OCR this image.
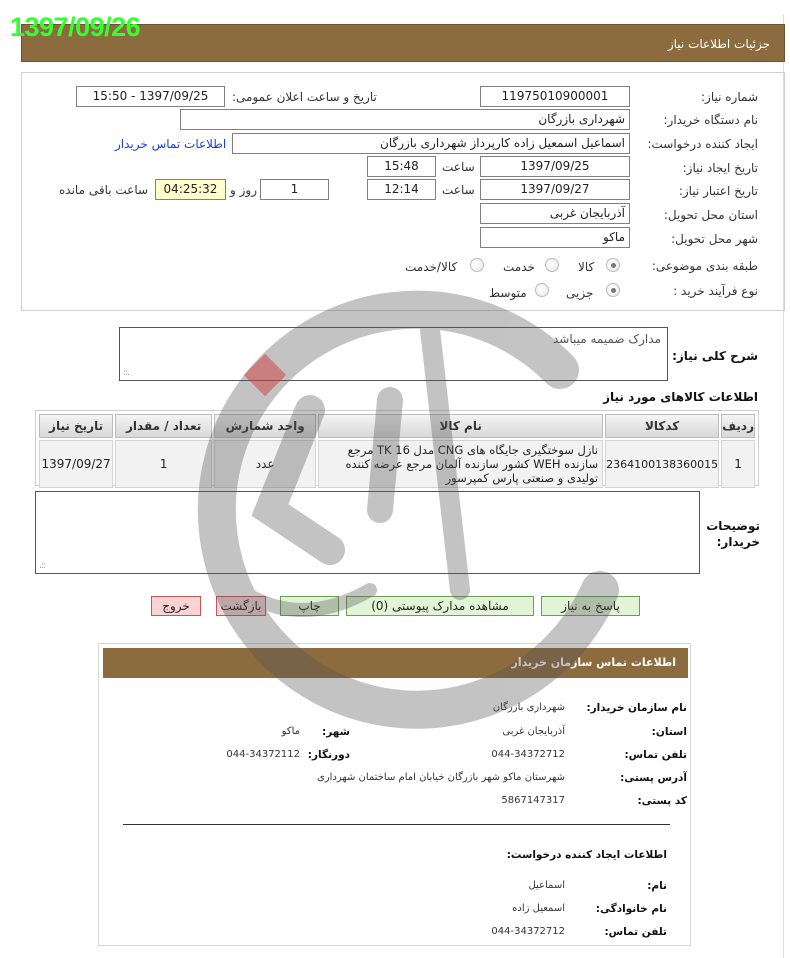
1397/09/26
جزئیات اطلاعات نیاز
شماره نیاز:
11975010900001
تاریخ و ساعت اعلان عمومی:
1397/09/25 - 15:50
نام دستگاه خریدار:
شهرداری بازرگان
ایجاد کننده درخواست:
اسماعیل اسمعیل زاده کارپرداز شهرداری بازرگان
اطلاعات تماس خریدار
تاریخ ایجاد نیاز:
1397/09/25
ساعت
15:48
تاریخ اعتبار نیاز:
1397/09/27
ساعت
12:14
1
روز و
04:25:32
ساعت باقی مانده
استان محل تحویل:
آذربایجان غربی
شهر محل تحویل:
ماکو
طبقه بندی موضوعی:
کالا
خدمت
کالا/خدمت
نوع فرآیند خرید :
جزیی
متوسط
شرح کلی نیاز:
مدارک ضمیمه میباشد
.::
اطلاعات کالاهای مورد نیاز
ردیف	کدکالا	نام کالا	واحد شمارش	تعداد / مقدار	تاریخ نیاز
1	2364100138360015	نازل سوختگیری جایگاه های CNG مدل TK 16 مرجع سازنده WEH کشور سازنده آلمان مرجع عرضه کننده تولیدی و صنعتی پارس کمپرسور	عدد	1	1397/09/27
توضیحات خریدار:
.::
پاسخ به نیاز
مشاهده مدارک پیوستی (0)
چاپ
بازگشت
خروج
اطلاعات تماس سازمان خریدار
نام سازمان خریدار:
شهرداری بازرگان
استان:
آذربایجان غربی
شهر:
ماکو
تلفن تماس:
044-34372712
دورنگار:
044-34372112
آدرس پستی:
شهرستان ماکو شهر بازرگان خیابان امام ساختمان شهرداری
کد پستی:
5867147317
اطلاعات ایجاد کننده درخواست:
نام:
اسماعیل
نام خانوادگی:
اسمعیل زاده
تلفن تماس:
044-34372712
